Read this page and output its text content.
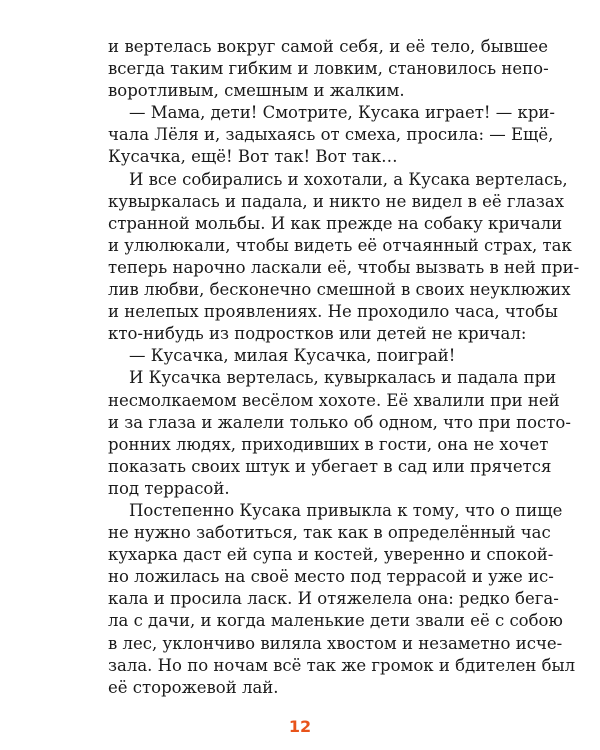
и вертелась вокруг самой себя, и её тело, бывшее
всегда таким гибким и ловким, становилось непо-
воротливым, смешным и жалким.
— Мама, дети! Смотрите, Кусака играет! — кри-
чала Лёля и, задыхаясь от смеха, просила: — Ещё,
Кусачка, ещё! Вот так! Вот так…
И все собирались и хохотали, а Кусака вертелась,
кувыркалась и падала, и никто не видел в её глазах
странной мольбы. И как прежде на собаку кричали
и улюлюкали, чтобы видеть её отчаянный страх, так
теперь нарочно ласкали её, чтобы вызвать в ней при-
лив любви, бесконечно смешной в своих неуклюжих
и нелепых проявлениях. Не проходило часа, чтобы
кто-нибудь из подростков или детей не кричал:
— Кусачка, милая Кусачка, поиграй!
И Кусачка вертелась, кувыркалась и падала при
несмолкаемом весёлом хохоте. Её хвалили при ней
и за глаза и жалели только об одном, что при посто-
ронних людях, приходивших в гости, она не хочет
показать своих штук и убегает в сад или прячется
под террасой.
Постепенно Кусака привыкла к тому, что о пище
не нужно заботиться, так как в определённый час
кухарка даст ей супа и костей, уверенно и спокой-
но ложилась на своё место под террасой и уже ис-
кала и просила ласк. И отяжелела она: редко бега-
ла с дачи, и когда маленькие дети звали её с собою
в лес, уклончиво виляла хвостом и незаметно исче-
зала. Но по ночам всё так же громок и бдителен был
её сторожевой лай.
12
